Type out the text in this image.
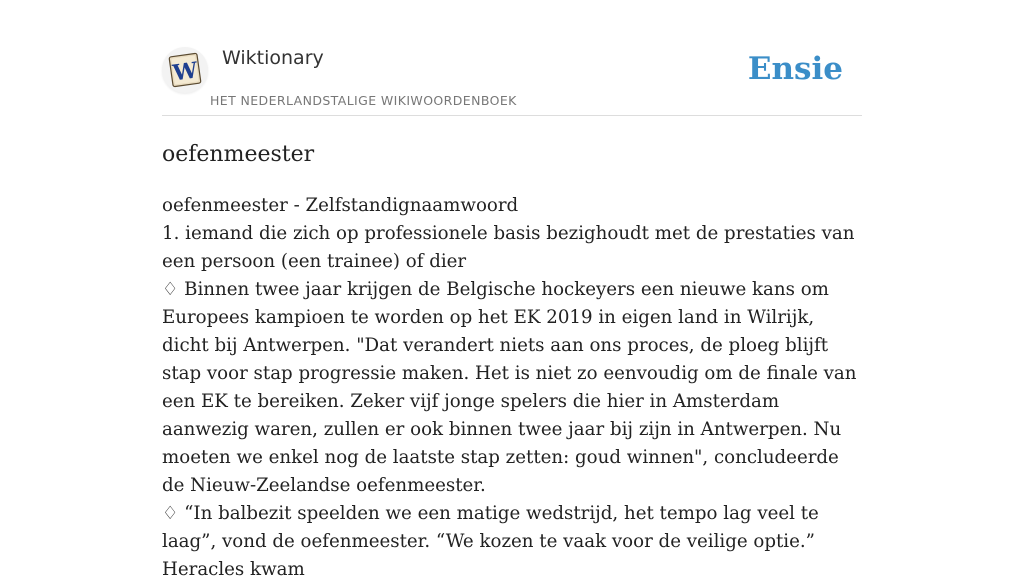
W Wiktionary	Ensie
HET NEDERLANDSTALIGE WIKIWOORDENBOEK
oefenmeester

oefenmeester - Zelfstandignaamwoord

1. iemand die zich op professionele basis bezighoudt met de prestaties van een persoon (een trainee) of dier

♢ Binnen twee jaar krijgen de Belgische hockeyers een nieuwe kans om Europees kampioen te worden op het EK 2019 in eigen land in Wilrijk, dicht bij Antwerpen. "Dat verandert niets aan ons proces, de ploeg blijft stap voor stap progressie maken. Het is niet zo eenvoudig om de finale van een EK te bereiken. Zeker vijf jonge spelers die hier in Amsterdam aanwezig waren, zullen er ook binnen twee jaar bij zijn in Antwerpen. Nu moeten we enkel nog de laatste stap zetten: goud winnen", concludeerde de Nieuw-Zeelandse oefenmeester.

♢ “In balbezit speelden we een matige wedstrijd, het tempo lag veel te laag”, vond de oefenmeester. “We kozen te vaak voor de veilige optie.” Heracles kwam
